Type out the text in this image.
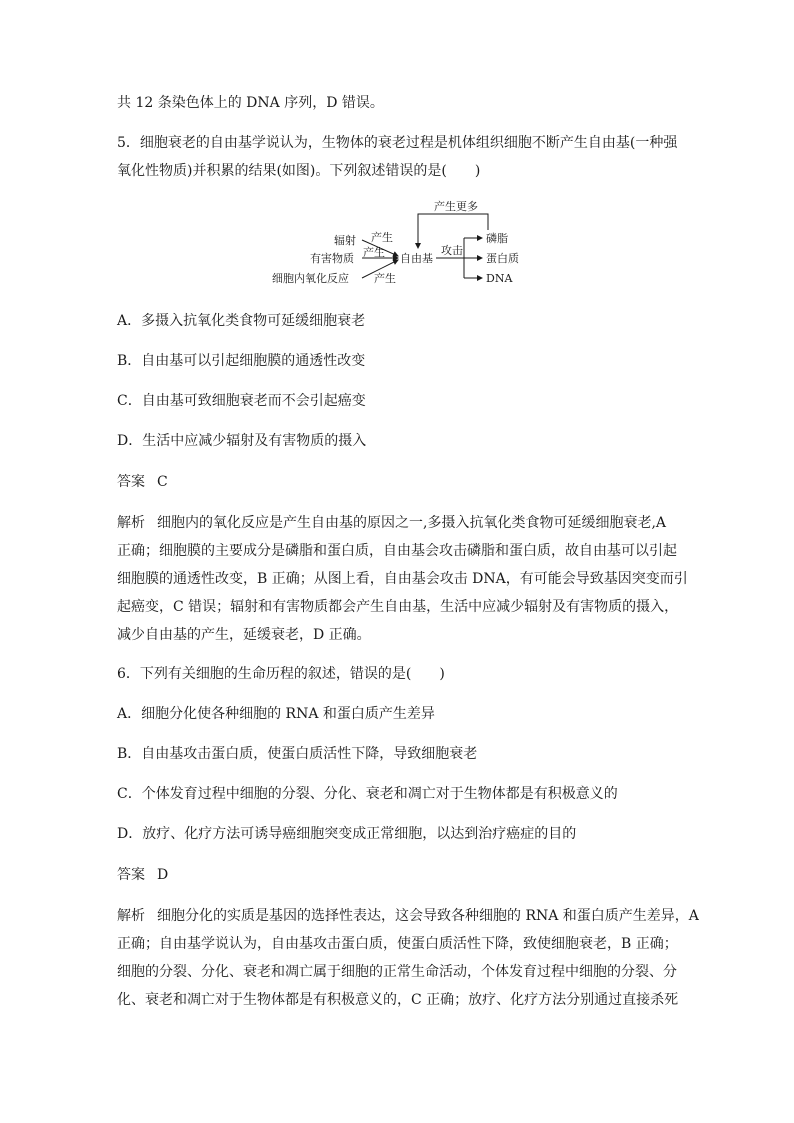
共 12 条染色体上的 DNA 序列，D 错误。
5．细胞衰老的自由基学说认为，生物体的衰老过程是机体组织细胞不断产生自由基(一种强
氧化性物质)并积累的结果(如图)。下列叙述错误的是(　　)
产生更多
辐射
有害物质
细胞内氧化反应
产生
产生
产生
自由基
攻击
磷脂
蛋白质
DNA
A．多摄入抗氧化类食物可延缓细胞衰老
B．自由基可以引起细胞膜的通透性改变
C．自由基可致细胞衰老而不会引起癌变
D．生活中应减少辐射及有害物质的摄入
答案 C
解析 细胞内的氧化反应是产生自由基的原因之一,多摄入抗氧化类食物可延缓细胞衰老,A
正确；细胞膜的主要成分是磷脂和蛋白质，自由基会攻击磷脂和蛋白质，故自由基可以引起
细胞膜的通透性改变，B 正确；从图上看，自由基会攻击 DNA，有可能会导致基因突变而引
起癌变，C 错误；辐射和有害物质都会产生自由基，生活中应减少辐射及有害物质的摄入，
减少自由基的产生，延缓衰老，D 正确。
6．下列有关细胞的生命历程的叙述，错误的是(　　)
A．细胞分化使各种细胞的 RNA 和蛋白质产生差异
B．自由基攻击蛋白质，使蛋白质活性下降，导致细胞衰老
C．个体发育过程中细胞的分裂、分化、衰老和凋亡对于生物体都是有积极意义的
D．放疗、化疗方法可诱导癌细胞突变成正常细胞，以达到治疗癌症的目的
答案 D
解析 细胞分化的实质是基因的选择性表达，这会导致各种细胞的 RNA 和蛋白质产生差异，A
正确；自由基学说认为，自由基攻击蛋白质，使蛋白质活性下降，致使细胞衰老，B 正确；
细胞的分裂、分化、衰老和凋亡属于细胞的正常生命活动，个体发育过程中细胞的分裂、分
化、衰老和凋亡对于生物体都是有积极意义的，C 正确；放疗、化疗方法分别通过直接杀死
